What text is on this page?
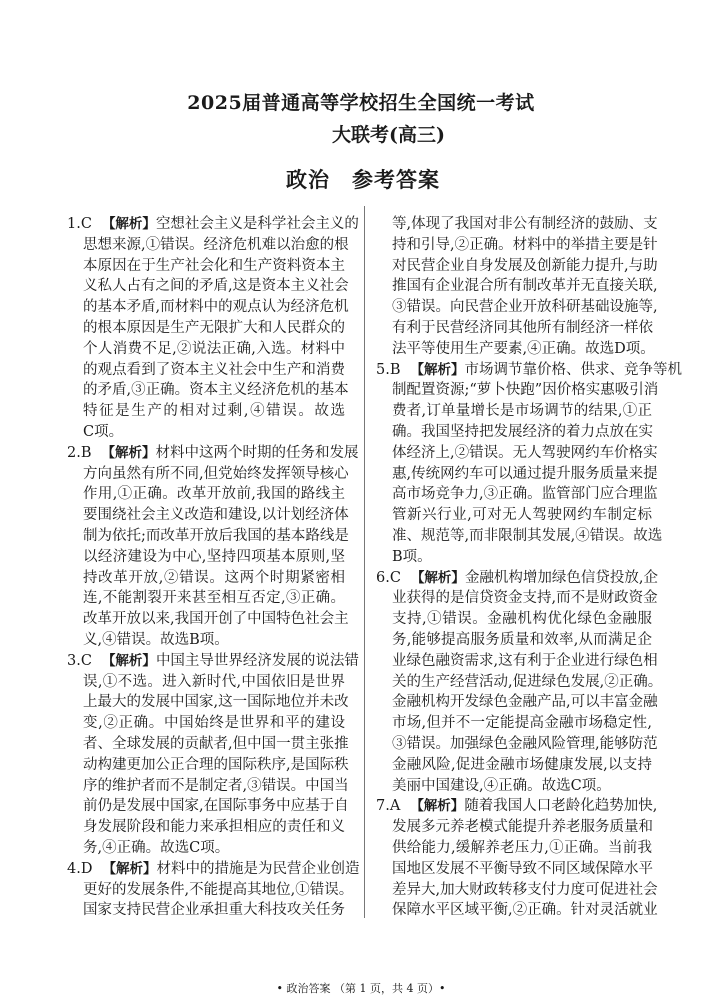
2025届普通高等学校招生全国统一考试
大联考(高三)
政治　参考答案
1.C 【解析】空想社会主义是科学社会主义的
思想来源,①错误。经济危机难以治愈的根
本原因在于生产社会化和生产资料资本主
义私人占有之间的矛盾,这是资本主义社会
的基本矛盾,而材料中的观点认为经济危机
的根本原因是生产无限扩大和人民群众的
个人消费不足,②说法正确,入选。材料中
的观点看到了资本主义社会中生产和消费
的矛盾,③正确。资本主义经济危机的基本
特征是生产的相对过剩,④错误。故选
C项。
2.B 【解析】材料中这两个时期的任务和发展
方向虽然有所不同,但党始终发挥领导核心
作用,①正确。改革开放前,我国的路线主
要围绕社会主义改造和建设,以计划经济体
制为依托;而改革开放后我国的基本路线是
以经济建设为中心,坚持四项基本原则,坚
持改革开放,②错误。这两个时期紧密相
连,不能割裂开来甚至相互否定,③正确。
改革开放以来,我国开创了中国特色社会主
义,④错误。故选B项。
3.C 【解析】中国主导世界经济发展的说法错
误,①不选。进入新时代,中国依旧是世界
上最大的发展中国家,这一国际地位并未改
变,②正确。中国始终是世界和平的建设
者、全球发展的贡献者,但中国一贯主张推
动构建更加公正合理的国际秩序,是国际秩
序的维护者而不是制定者,③错误。中国当
前仍是发展中国家,在国际事务中应基于自
身发展阶段和能力来承担相应的责任和义
务,④正确。故选C项。
4.D 【解析】材料中的措施是为民营企业创造
更好的发展条件,不能提高其地位,①错误。
国家支持民营企业承担重大科技攻关任务
等,体现了我国对非公有制经济的鼓励、支
持和引导,②正确。材料中的举措主要是针
对民营企业自身发展及创新能力提升,与助
推国有企业混合所有制改革并无直接关联,
③错误。向民营企业开放科研基础设施等,
有利于民营经济同其他所有制经济一样依
法平等使用生产要素,④正确。故选D项。
5.B 【解析】市场调节靠价格、供求、竞争等机
制配置资源;“萝卜快跑”因价格实惠吸引消
费者,订单量增长是市场调节的结果,①正
确。我国坚持把发展经济的着力点放在实
体经济上,②错误。无人驾驶网约车价格实
惠,传统网约车可以通过提升服务质量来提
高市场竞争力,③正确。监管部门应合理监
管新兴行业,可对无人驾驶网约车制定标
准、规范等,而非限制其发展,④错误。故选
B项。
6.C 【解析】金融机构增加绿色信贷投放,企
业获得的是信贷资金支持,而不是财政资金
支持,①错误。金融机构优化绿色金融服
务,能够提高服务质量和效率,从而满足企
业绿色融资需求,这有利于企业进行绿色相
关的生产经营活动,促进绿色发展,②正确。
金融机构开发绿色金融产品,可以丰富金融
市场,但并不一定能提高金融市场稳定性,
③错误。加强绿色金融风险管理,能够防范
金融风险,促进金融市场健康发展,以支持
美丽中国建设,④正确。故选C项。
7.A 【解析】随着我国人口老龄化趋势加快,
发展多元养老模式能提升养老服务质量和
供给能力,缓解养老压力,①正确。当前我
国地区发展不平衡导致不同区域保障水平
差异大,加大财政转移支付力度可促进社会
保障水平区域平衡,②正确。针对灵活就业
• 政治答案 （第 1 页，共 4 页）•
